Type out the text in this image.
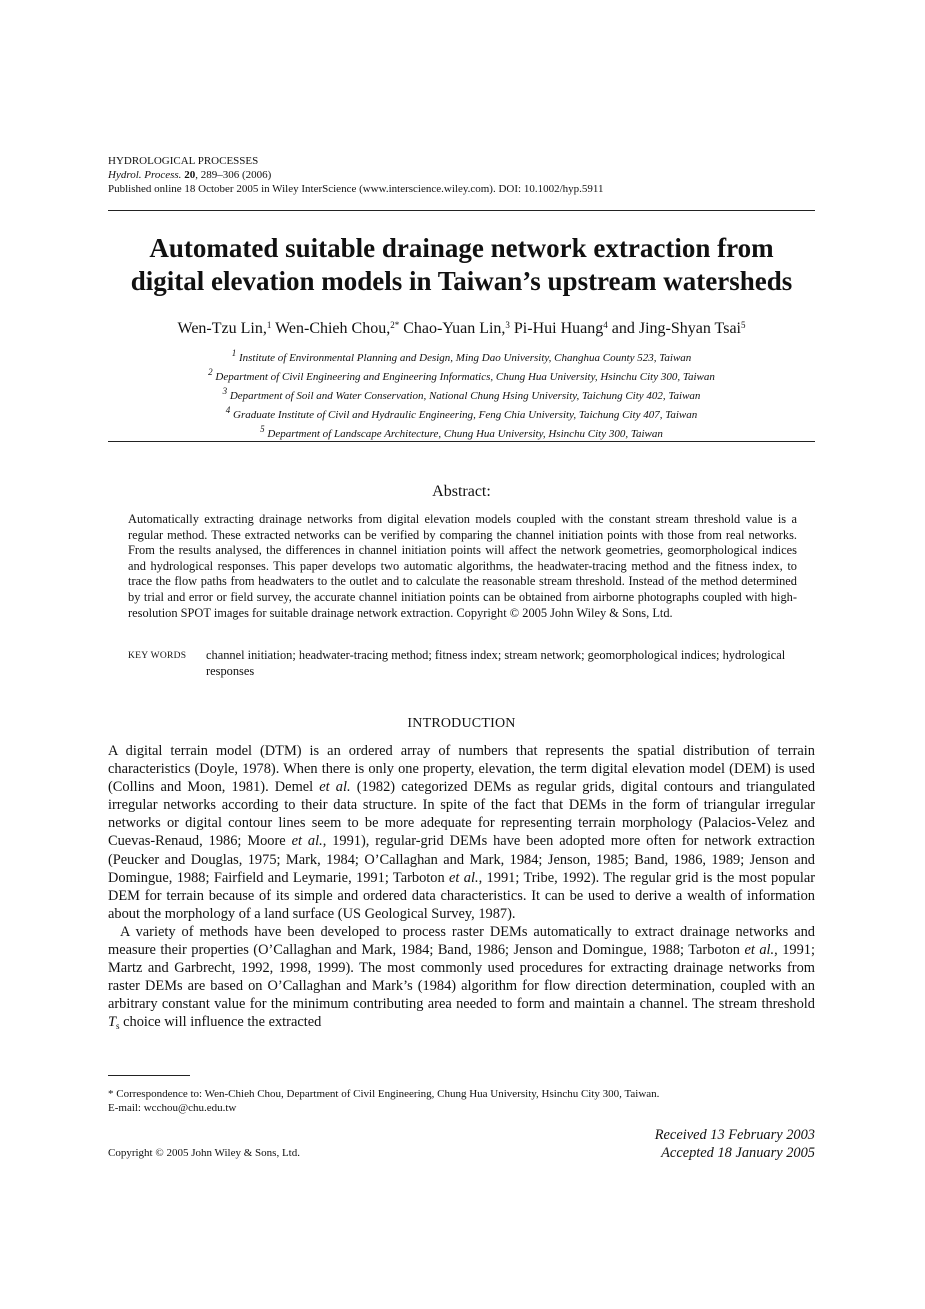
HYDROLOGICAL PROCESSES
Hydrol. Process. 20, 289–306 (2006)
Published online 18 October 2005 in Wiley InterScience (www.interscience.wiley.com). DOI: 10.1002/hyp.5911
Automated suitable drainage network extraction from
digital elevation models in Taiwan’s upstream watersheds
Wen-Tzu Lin,$^1$ Wen-Chieh Chou,$^{2*}$ Chao-Yuan Lin,$^3$ Pi-Hui Huang$^4$ and Jing-Shyan Tsai$^5$
$^1$ Institute of Environmental Planning and Design, Ming Dao University, Changhua County 523, Taiwan
$^2$ Department of Civil Engineering and Engineering Informatics, Chung Hua University, Hsinchu City 300, Taiwan
$^3$ Department of Soil and Water Conservation, National Chung Hsing University, Taichung City 402, Taiwan
$^4$ Graduate Institute of Civil and Hydraulic Engineering, Feng Chia University, Taichung City 407, Taiwan
$^5$ Department of Landscape Architecture, Chung Hua University, Hsinchu City 300, Taiwan
Abstract:
Automatically extracting drainage networks from digital elevation models coupled with the constant stream threshold value is a regular method. These extracted networks can be verified by comparing the channel initiation points with those from real networks. From the results analysed, the differences in channel initiation points will affect the network geometries, geomorphological indices and hydrological responses. This paper develops two automatic algorithms, the headwater-tracing method and the fitness index, to trace the flow paths from headwaters to the outlet and to calculate the reasonable stream threshold. Instead of the method determined by trial and error or field survey, the accurate channel initiation points can be obtained from airborne photographs coupled with high-resolution SPOT images for suitable drainage network extraction. Copyright © 2005 John Wiley & Sons, Ltd.
KEY WORDS	channel initiation; headwater-tracing method; fitness index; stream network; geomorphological indices; hydrological responses
INTRODUCTION

A digital terrain model (DTM) is an ordered array of numbers that represents the spatial distribution of terrain characteristics (Doyle, 1978). When there is only one property, elevation, the term digital elevation model (DEM) is used (Collins and Moon, 1981). Demel et al. (1982) categorized DEMs as regular grids, digital contours and triangulated irregular networks according to their data structure. In spite of the fact that DEMs in the form of triangular irregular networks or digital contour lines seem to be more adequate for representing terrain morphology (Palacios-Velez and Cuevas-Renaud, 1986; Moore et al., 1991), regular-grid DEMs have been adopted more often for network extraction (Peucker and Douglas, 1975; Mark, 1984; O’Callaghan and Mark, 1984; Jenson, 1985; Band, 1986, 1989; Jenson and Domingue, 1988; Fairfield and Leymarie, 1991; Tarboton et al., 1991; Tribe, 1992). The regular grid is the most popular DEM for terrain because of its simple and ordered data characteristics. It can be used to derive a wealth of information about the morphology of a land surface (US Geological Survey, 1987).

A variety of methods have been developed to process raster DEMs automatically to extract drainage networks and measure their properties (O’Callaghan and Mark, 1984; Band, 1986; Jenson and Domingue, 1988; Tarboton et al., 1991; Martz and Garbrecht, 1992, 1998, 1999). The most commonly used procedures for extracting drainage networks from raster DEMs are based on O’Callaghan and Mark’s (1984) algorithm for flow direction determination, coupled with an arbitrary constant value for the minimum contributing area needed to form and maintain a channel. The stream threshold $T_s$ choice will influence the extracted

* Correspondence to: Wen-Chieh Chou, Department of Civil Engineering, Chung Hua University, Hsinchu City 300, Taiwan.
E-mail: wcchou@chu.edu.tw
Received 13 February 2003
Accepted 18 January 2005
Copyright © 2005 John Wiley & Sons, Ltd.
